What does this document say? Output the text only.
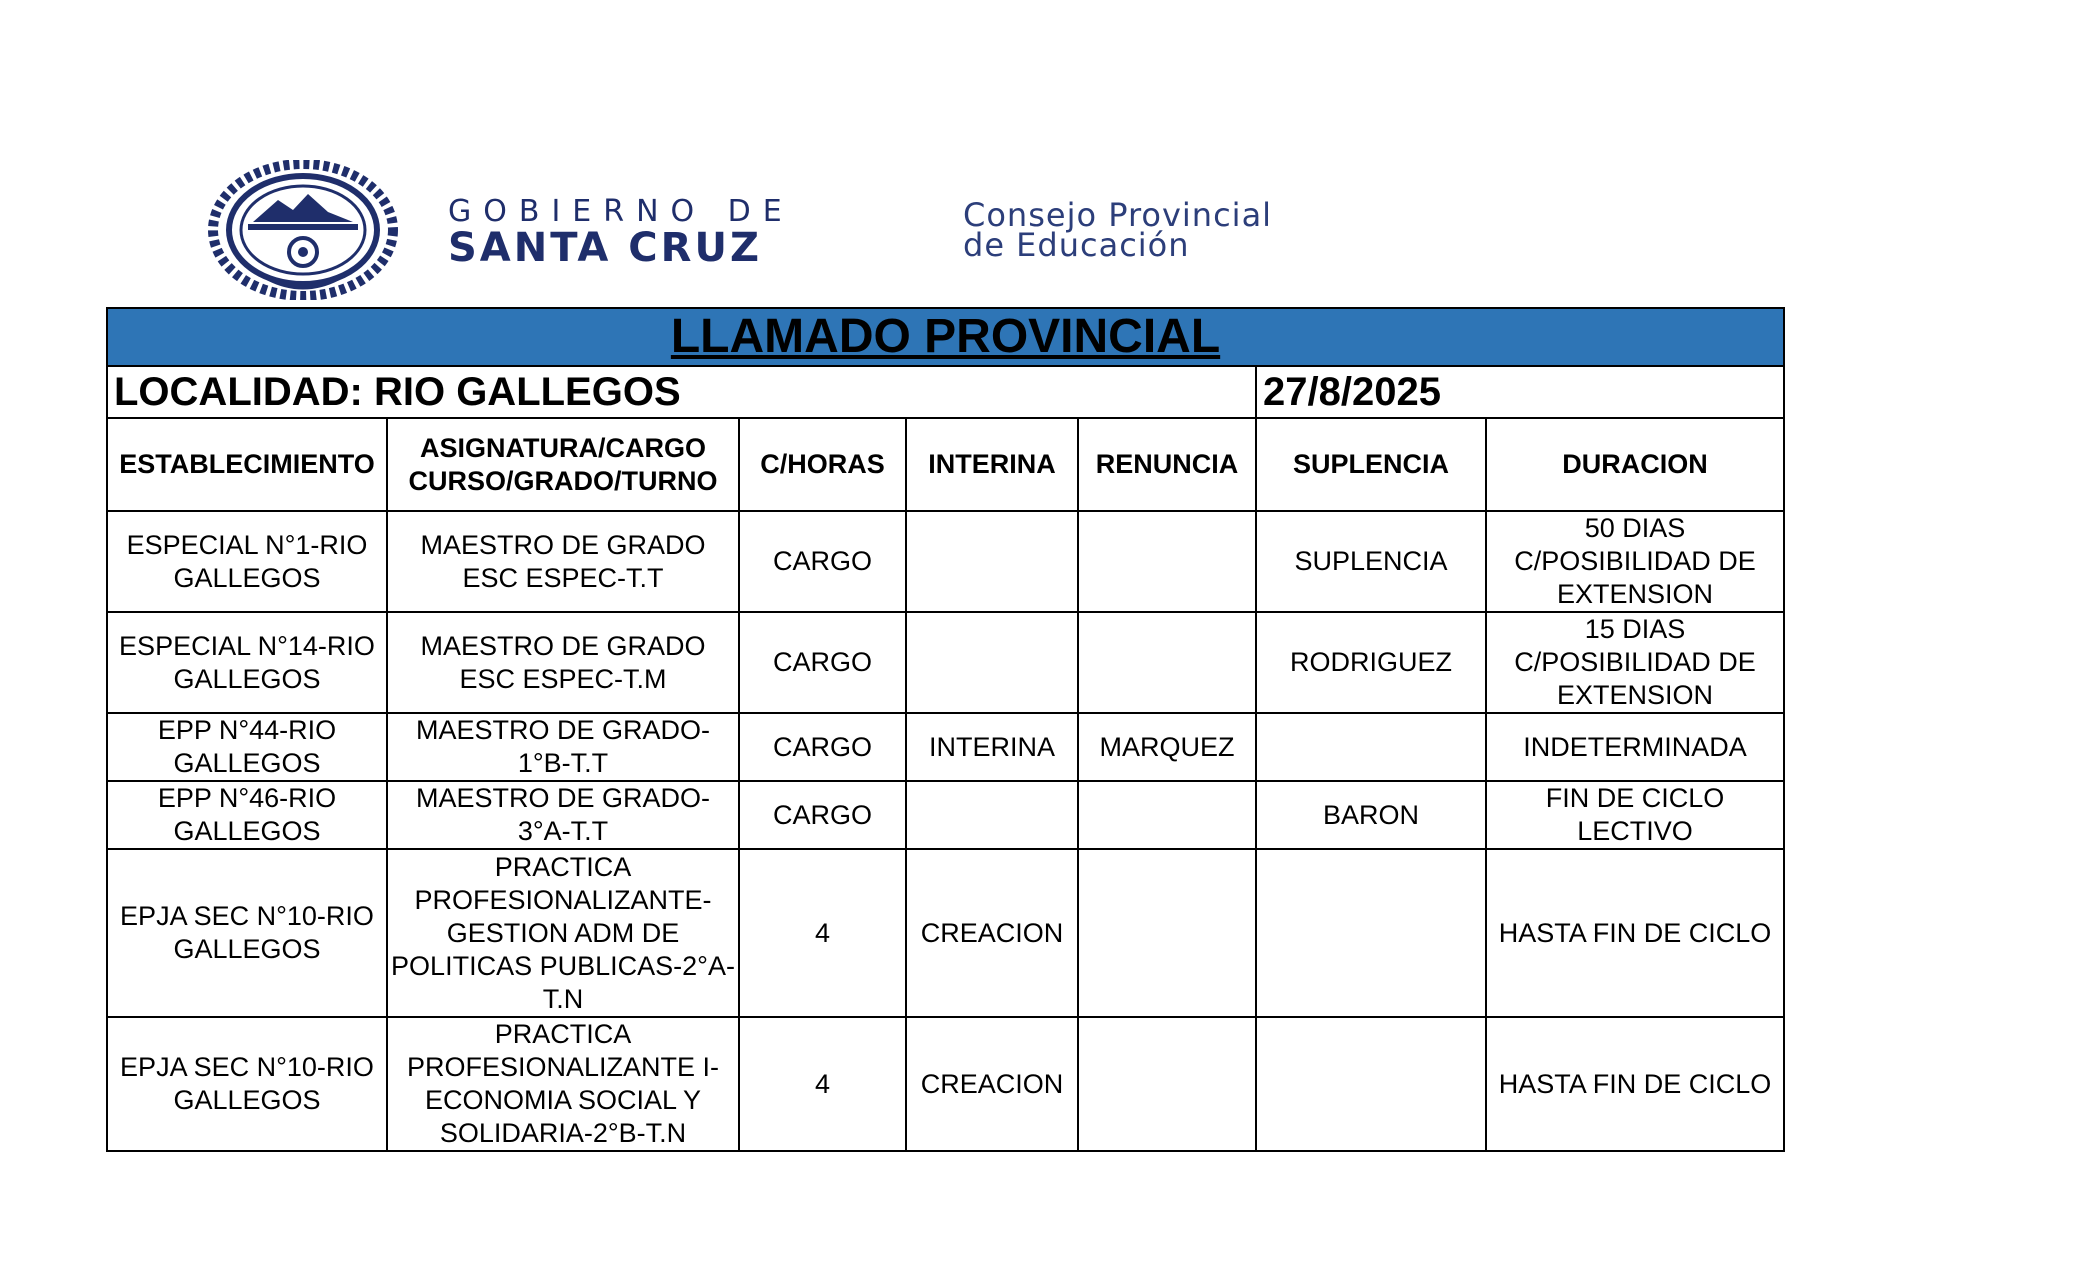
GOBIERNO DE
SANTA CRUZ
Consejo Provincial
de Educación
LLAMADO PROVINCIAL						
LOCALIDAD: RIO GALLEGOS					27/8/2025	
ESTABLECIMIENTO	ASIGNATURA/CARGO CURSO/GRADO/TURNO	C/HORAS	INTERINA	RENUNCIA	SUPLENCIA	DURACION
ESPECIAL N°1-RIO GALLEGOS	MAESTRO DE GRADO ESC ESPEC-T.T	CARGO			SUPLENCIA	50 DIAS C/POSIBILIDAD DE EXTENSION
ESPECIAL N°14-RIO GALLEGOS	MAESTRO DE GRADO ESC ESPEC-T.M	CARGO			RODRIGUEZ	15 DIAS C/POSIBILIDAD DE EXTENSION
EPP N°44-RIO GALLEGOS	MAESTRO DE GRADO-1°B-T.T	CARGO	INTERINA	MARQUEZ		INDETERMINADA
EPP N°46-RIO GALLEGOS	MAESTRO DE GRADO-3°A-T.T	CARGO			BARON	FIN DE CICLO LECTIVO
EPJA SEC N°10-RIO GALLEGOS	PRACTICA PROFESIONALIZANTE-GESTION ADM DE POLITICAS PUBLICAS-2°A-T.N	4	CREACION			HASTA FIN DE CICLO
EPJA SEC N°10-RIO GALLEGOS	PRACTICA PROFESIONALIZANTE I-ECONOMIA SOCIAL Y SOLIDARIA-2°B-T.N	4	CREACION			HASTA FIN DE CICLO
